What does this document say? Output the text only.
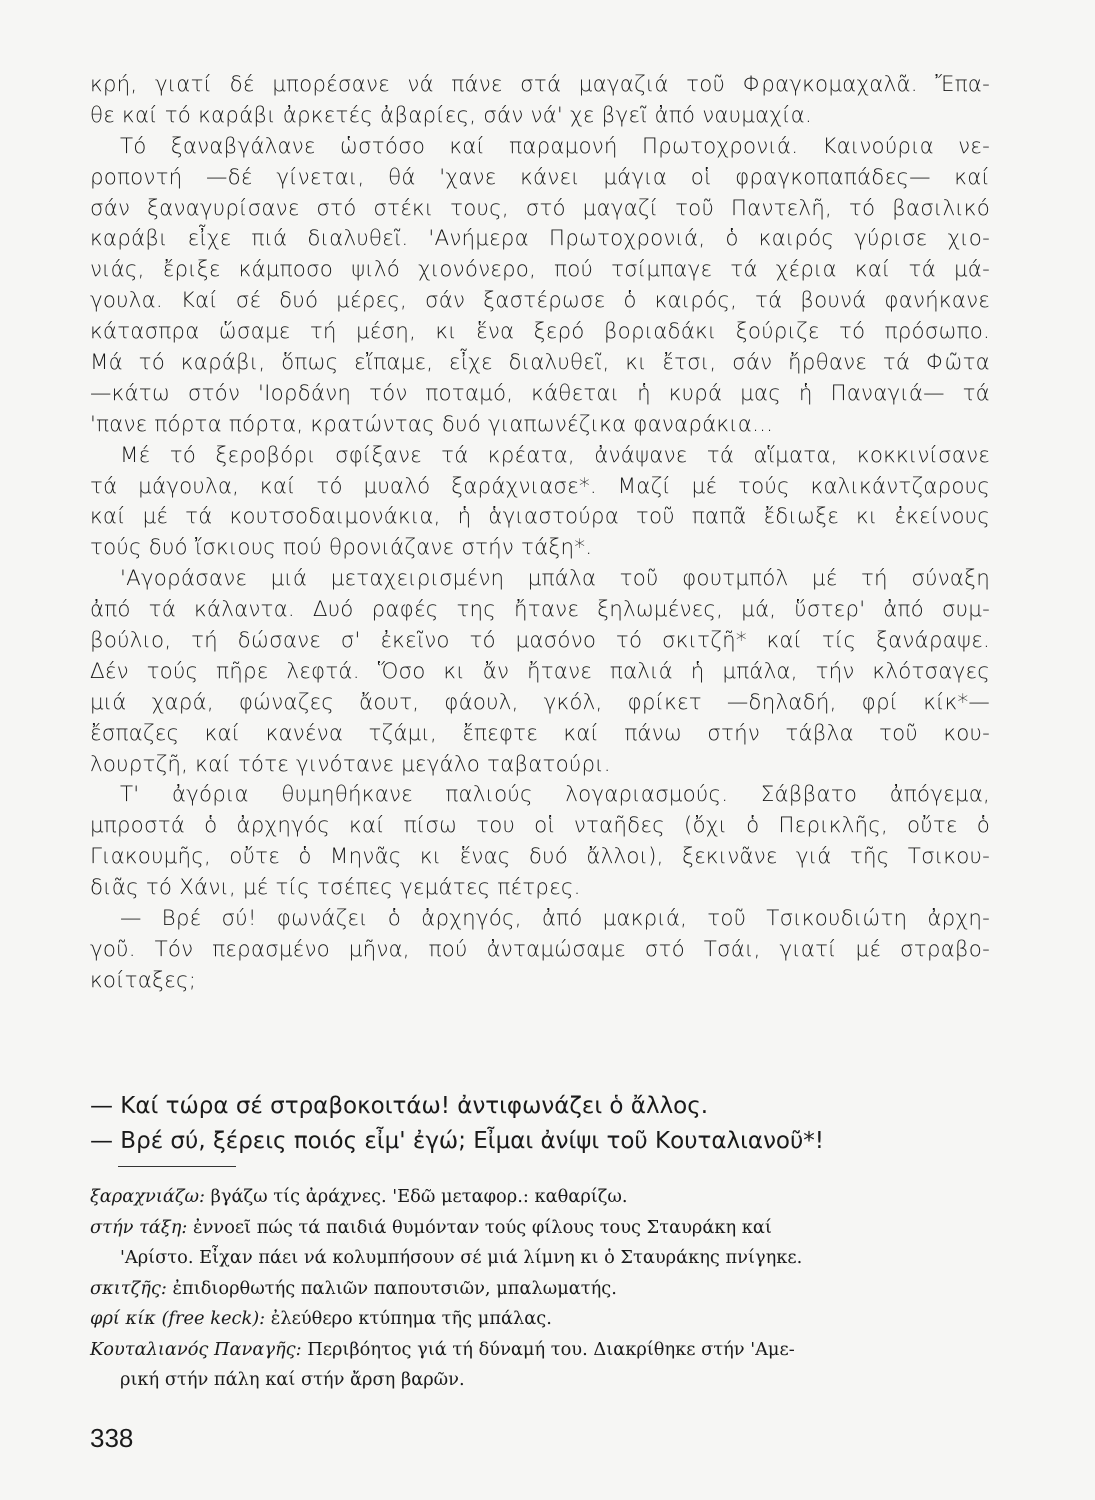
κρή, γιατί δέ μπορέσανε νά πάνε στά μαγαζιά τοῦ Φραγκομαχαλᾶ. Ἔπα-
θε καί τό καράβι ἀρκετές ἀβαρίες, σάν νά' χε βγεῖ ἀπό ναυμαχία.
Τό ξαναβγάλανε ὡστόσο καί παραμονή Πρωτοχρονιά. Καινούρια νε-
ροποντή —δέ γίνεται, θά 'χανε κάνει μάγια οἱ φραγκοπαπάδες— καί
σάν ξαναγυρίσανε στό στέκι τους, στό μαγαζί τοῦ Παντελῆ, τό βασιλικό
καράβι εἶχε πιά διαλυθεῖ. 'Ανήμερα Πρωτοχρονιά, ὁ καιρός γύρισε χιο-
νιάς, ἔριξε κάμποσο ψιλό χιονόνερο, πού τσίμπαγε τά χέρια καί τά μά-
γουλα. Καί σέ δυό μέρες, σάν ξαστέρωσε ὁ καιρός, τά βουνά φανήκανε
κάτασπρα ὥσαμε τή μέση, κι ἕνα ξερό βοριαδάκι ξούριζε τό πρόσωπο.
Μά τό καράβι, ὅπως εἴπαμε, εἶχε διαλυθεῖ, κι ἔτσι, σάν ἤρθανε τά Φῶτα
—κάτω στόν 'Ιορδάνη τόν ποταμό, κάθεται ἡ κυρά μας ἡ Παναγιά— τά
'πανε πόρτα πόρτα, κρατώντας δυό γιαπωνέζικα φαναράκια...
Μέ τό ξεροβόρι σφίξανε τά κρέατα, ἀνάψανε τά αἵματα, κοκκινίσανε
τά μάγουλα, καί τό μυαλό ξαράχνιασε*. Μαζί μέ τούς καλικάντζαρους
καί μέ τά κουτσοδαιμονάκια, ἡ ἁγιαστούρα τοῦ παπᾶ ἔδιωξε κι ἐκείνους
τούς δυό ἴσκιους πού θρονιάζανε στήν τάξη*.
'Αγοράσανε μιά μεταχειρισμένη μπάλα τοῦ φουτμπόλ μέ τή σύναξη
ἀπό τά κάλαντα. Δυό ραφές της ἤτανε ξηλωμένες, μά, ὕστερ' ἀπό συμ-
βούλιο, τή δώσανε σ' ἐκεῖνο τό μασόνο τό σκιτζῆ* καί τίς ξανάραψε.
Δέν τούς πῆρε λεφτά. Ὅσο κι ἄν ἤτανε παλιά ἡ μπάλα, τήν κλότσαγες
μιά χαρά, φώναζες ἄουτ, φάουλ, γκόλ, φρίκετ —δηλαδή, φρί κίκ*—
ἔσπαζες καί κανένα τζάμι, ἔπεφτε καί πάνω στήν τάβλα τοῦ κου-
λουρτζῆ, καί τότε γινότανε μεγάλο ταβατούρι.
Τ' ἀγόρια θυμηθήκανε παλιούς λογαριασμούς. Σάββατο ἀπόγεμα,
μπροστά ὁ ἀρχηγός καί πίσω του οἱ νταῆδες (ὄχι ὁ Περικλῆς, οὔτε ὁ
Γιακουμῆς, οὔτε ὁ Μηνᾶς κι ἕνας δυό ἄλλοι), ξεκινᾶνε γιά τῆς Τσικου-
διᾶς τό Χάνι, μέ τίς τσέπες γεμάτες πέτρες.
— Βρέ σύ! φωνάζει ὁ ἀρχηγός, ἀπό μακριά, τοῦ Τσικουδιώτη ἀρχη-
γοῦ. Τόν περασμένο μῆνα, πού ἀνταμώσαμε στό Τσάι, γιατί μέ στραβο-
κοίταξες;
— Καί τώρα σέ στραβοκοιτάω! ἀντιφωνάζει ὁ ἄλλος.
— Βρέ σύ, ξέρεις ποιός εἶμ' ἐγώ; Εἶμαι ἀνίψι τοῦ Κουταλιανοῦ*!
ξαραχνιάζω: βγάζω τίς ἀράχνες. 'Εδῶ μεταφορ.: καθαρίζω.
στήν τάξη: ἐννοεῖ πώς τά παιδιά θυμόνταν τούς φίλους τους Σταυράκη καί
'Αρίστο. Εἶχαν πάει νά κολυμπήσουν σέ μιά λίμνη κι ὁ Σταυράκης πνίγηκε.
σκιτζῆς: ἐπιδιορθωτής παλιῶν παπουτσιῶν, μπαλωματής.
φρί κίκ (free keck): ἐλεύθερο κτύπημα τῆς μπάλας.
Κουταλιανός Παναγῆς: Περιβόητος γιά τή δύναμή του. Διακρίθηκε στήν 'Αμε-
ρική στήν πάλη καί στήν ἄρση βαρῶν.
338
